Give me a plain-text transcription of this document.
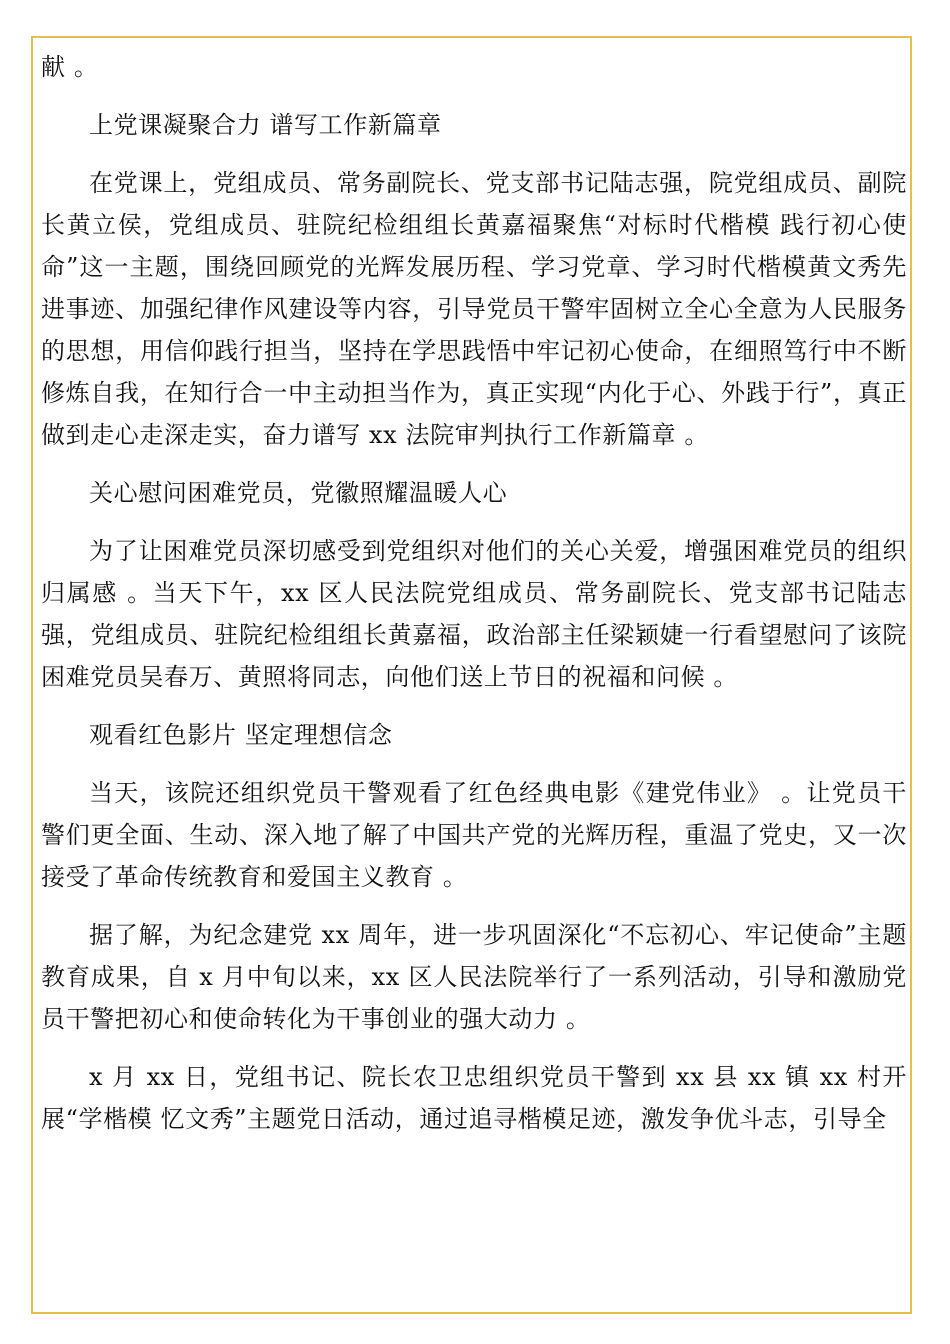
献 。

上党课凝聚合力 谱写工作新篇章

在党课上，党组成员、常务副院长、党支部书记陆志强，院党组成员、副院长黄立侯，党组成员、驻院纪检组组长黄嘉福聚焦“对标时代楷模 践行初心使命”这一主题，围绕回顾党的光辉发展历程、学习党章、学习时代楷模黄文秀先进事迹、加强纪律作风建设等内容，引导党员干警牢固树立全心全意为人民服务的思想，用信仰践行担当，坚持在学思践悟中牢记初心使命，在细照笃行中不断修炼自我，在知行合一中主动担当作为，真正实现“内化于心、外践于行”，真正做到走心走深走实，奋力谱写 xx 法院审判执行工作新篇章 。

关心慰问困难党员，党徽照耀温暖人心

为了让困难党员深切感受到党组织对他们的关心关爱，增强困难党员的组织归属感 。当天下午，xx 区人民法院党组成员、常务副院长、党支部书记陆志强，党组成员、驻院纪检组组长黄嘉福，政治部主任梁颖婕一行看望慰问了该院困难党员吴春万、黄照将同志，向他们送上节日的祝福和问候 。

观看红色影片 坚定理想信念

当天，该院还组织党员干警观看了红色经典电影《建党伟业》 。让党员干警们更全面、生动、深入地了解了中国共产党的光辉历程，重温了党史，又一次接受了革命传统教育和爱国主义教育 。

据了解，为纪念建党 xx 周年，进一步巩固深化“不忘初心、牢记使命”主题教育成果，自 x 月中旬以来，xx 区人民法院举行了一系列活动，引导和激励党员干警把初心和使命转化为干事创业的强大动力 。

x 月 xx 日，党组书记、院长农卫忠组织党员干警到 xx 县 xx 镇 xx 村开展“学楷模 忆文秀”主题党日活动，通过追寻楷模足迹，激发争优斗志，引导全
